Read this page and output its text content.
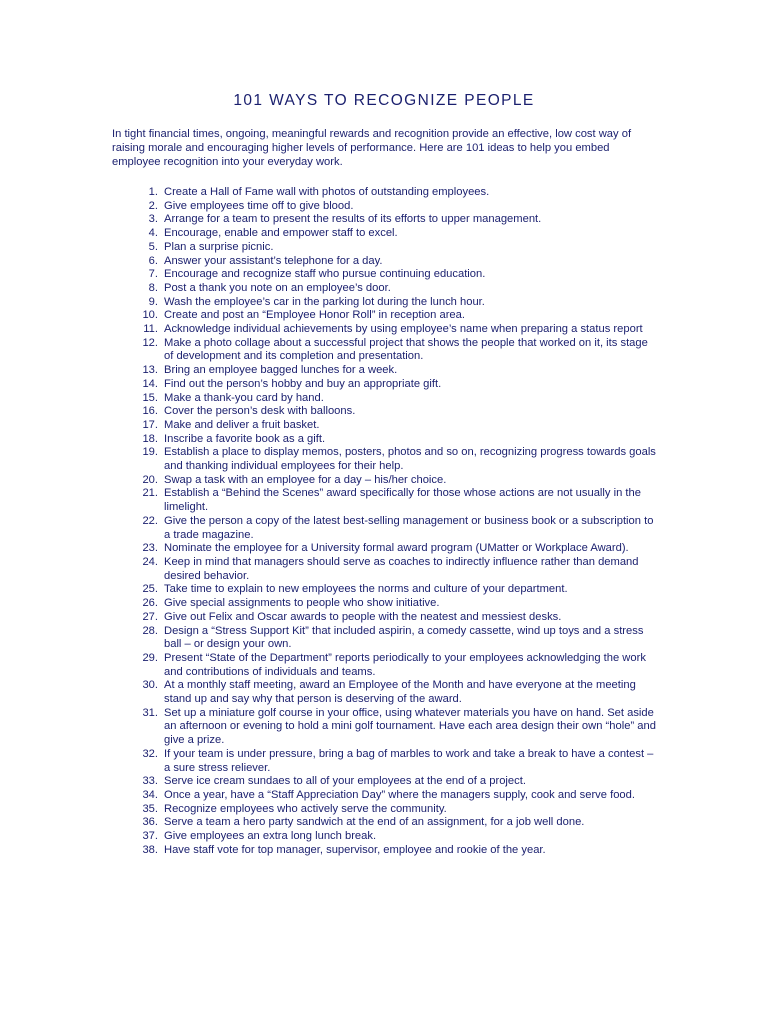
101 WAYS TO RECOGNIZE PEOPLE

In tight financial times, ongoing, meaningful rewards and recognition provide an effective, low cost way of raising morale and encouraging higher levels of performance. Here are 101 ideas to help you embed employee recognition into your everyday work.

1. Create a Hall of Fame wall with photos of outstanding employees.
2. Give employees time off to give blood.
3. Arrange for a team to present the results of its efforts to upper management.
4. Encourage, enable and empower staff to excel.
5. Plan a surprise picnic.
6. Answer your assistant’s telephone for a day.
7. Encourage and recognize staff who pursue continuing education.
8. Post a thank you note on an employee’s door.
9. Wash the employee’s car in the parking lot during the lunch hour.
10. Create and post an “Employee Honor Roll” in reception area.
11. Acknowledge individual achievements by using employee’s name when preparing a status report
12. Make a photo collage about a successful project that shows the people that worked on it, its stage of development and its completion and presentation.
13. Bring an employee bagged lunches for a week.
14. Find out the person’s hobby and buy an appropriate gift.
15. Make a thank-you card by hand.
16. Cover the person’s desk with balloons.
17. Make and deliver a fruit basket.
18. Inscribe a favorite book as a gift.
19. Establish a place to display memos, posters, photos and so on, recognizing progress towards goals and thanking individual employees for their help.
20. Swap a task with an employee for a day – his/her choice.
21. Establish a “Behind the Scenes” award specifically for those whose actions are not usually in the limelight.
22. Give the person a copy of the latest best-selling management or business book or a subscription to a trade magazine.
23. Nominate the employee for a University formal award program (UMatter or Workplace Award).
24. Keep in mind that managers should serve as coaches to indirectly influence rather than demand desired behavior.
25. Take time to explain to new employees the norms and culture of your department.
26. Give special assignments to people who show initiative.
27. Give out Felix and Oscar awards to people with the neatest and messiest desks.
28. Design a “Stress Support Kit” that included aspirin, a comedy cassette, wind up toys and a stress ball – or design your own.
29. Present “State of the Department” reports periodically to your employees acknowledging the work and contributions of individuals and teams.
30. At a monthly staff meeting, award an Employee of the Month and have everyone at the meeting stand up and say why that person is deserving of the award.
31. Set up a miniature golf course in your office, using whatever materials you have on hand. Set aside an afternoon or evening to hold a mini golf tournament. Have each area design their own “hole” and give a prize.
32. If your team is under pressure, bring a bag of marbles to work and take a break to have a contest – a sure stress reliever.
33. Serve ice cream sundaes to all of your employees at the end of a project.
34. Once a year, have a “Staff Appreciation Day” where the managers supply, cook and serve food.
35. Recognize employees who actively serve the community.
36. Serve a team a hero party sandwich at the end of an assignment, for a job well done.
37. Give employees an extra long lunch break.
38. Have staff vote for top manager, supervisor, employee and rookie of the year.
